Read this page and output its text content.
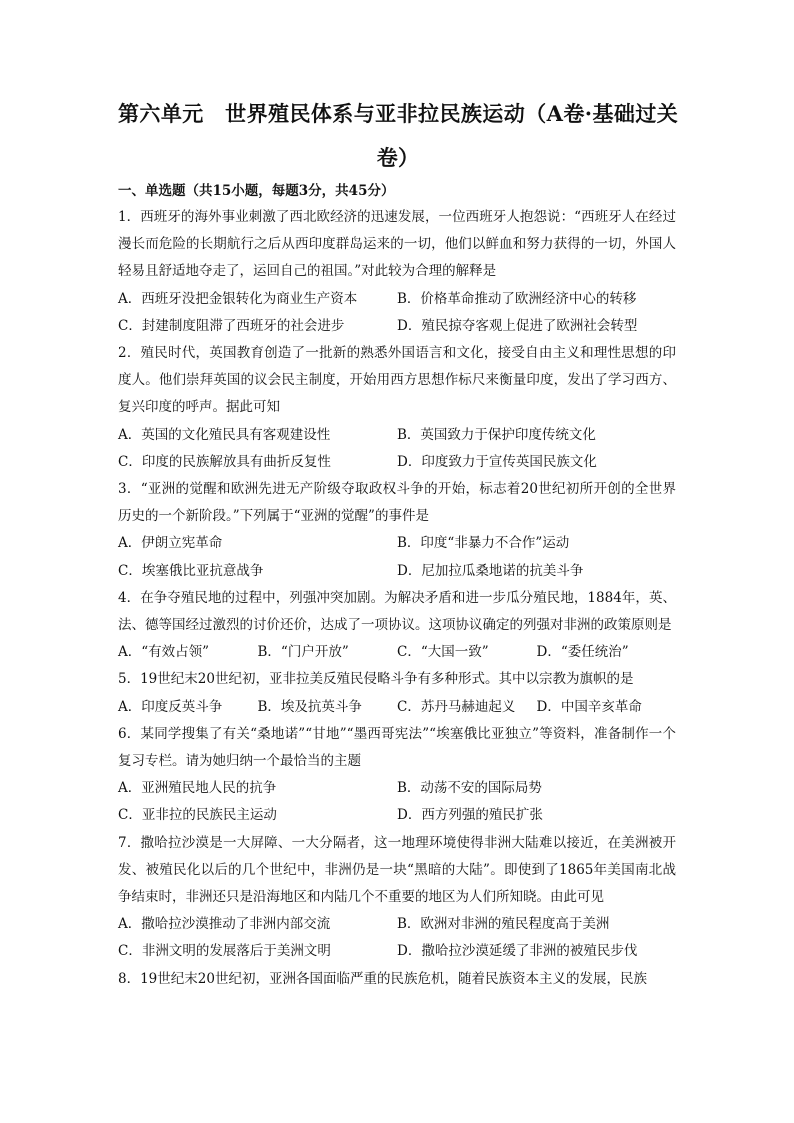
第六单元　世界殖民体系与亚非拉民族运动（A卷·基础过关
卷）
一、单选题（共15小题，每题3分，共45分）

1．西班牙的海外事业刺激了西北欧经济的迅速发展，一位西班牙人抱怨说：“西班牙人在经过漫长而危险的长期航行之后从西印度群岛运来的一切，他们以鲜血和努力获得的一切，外国人轻易且舒适地夺走了，运回自己的祖国。”对此较为合理的解释是

A．西班牙没把金银转化为商业生产资本	B．价格革命推动了欧洲经济中心的转移
C．封建制度阻滞了西班牙的社会进步	D．殖民掠夺客观上促进了欧洲社会转型

2．殖民时代，英国教育创造了一批新的熟悉外国语言和文化，接受自由主义和理性思想的印度人。他们崇拜英国的议会民主制度，开始用西方思想作标尺来衡量印度，发出了学习西方、复兴印度的呼声。据此可知

A．英国的文化殖民具有客观建设性	B．英国致力于保护印度传统文化
C．印度的民族解放具有曲折反复性	D．印度致力于宣传英国民族文化

3．“亚洲的觉醒和欧洲先进无产阶级夺取政权斗争的开始，标志着20世纪初所开创的全世界历史的一个新阶段。”下列属于“亚洲的觉醒”的事件是

A．伊朗立宪革命	B．印度“非暴力不合作”运动
C．埃塞俄比亚抗意战争	D．尼加拉瓜桑地诺的抗美斗争

4．在争夺殖民地的过程中，列强冲突加剧。为解决矛盾和进一步瓜分殖民地，1884年，英、法、德等国经过激烈的讨价还价，达成了一项协议。这项协议确定的列强对非洲的政策原则是

A．“有效占领”	B．“门户开放”	C．“大国一致”	D．“委任统治”

5．19世纪末20世纪初，亚非拉美反殖民侵略斗争有多种形式。其中以宗教为旗帜的是

A．印度反英斗争	B．埃及抗英斗争	C．苏丹马赫迪起义	D．中国辛亥革命

6．某同学搜集了有关“桑地诺”“甘地”“墨西哥宪法”“埃塞俄比亚独立”等资料，准备制作一个复习专栏。请为她归纳一个最恰当的主题

A．亚洲殖民地人民的抗争	B．动荡不安的国际局势
C．亚非拉的民族民主运动	D．西方列强的殖民扩张

7．撒哈拉沙漠是一大屏障、一大分隔者，这一地理环境使得非洲大陆难以接近，在美洲被开发、被殖民化以后的几个世纪中，非洲仍是一块“黑暗的大陆”。即使到了1865年美国南北战争结束时，非洲还只是沿海地区和内陆几个不重要的地区为人们所知晓。由此可见

A．撒哈拉沙漠推动了非洲内部交流	B．欧洲对非洲的殖民程度高于美洲
C．非洲文明的发展落后于美洲文明	D．撒哈拉沙漠延缓了非洲的被殖民步伐

8．19世纪末20世纪初，亚洲各国面临严重的民族危机，随着民族资本主义的发展，民族
